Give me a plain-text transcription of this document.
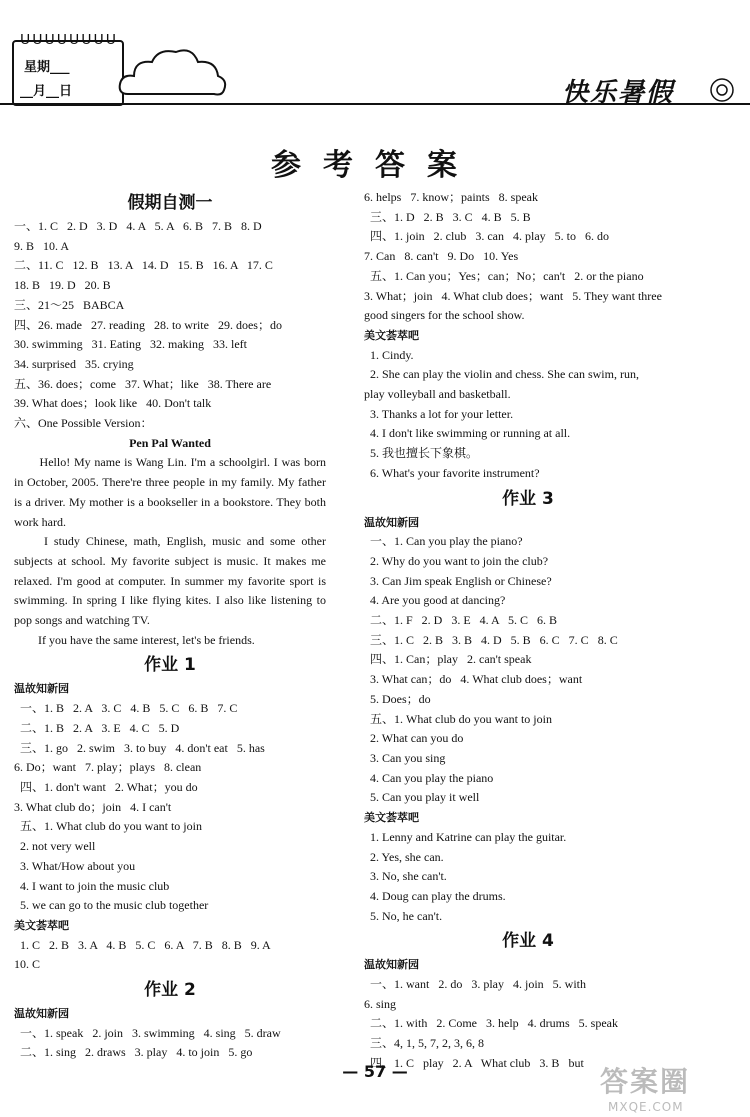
ᑌᑌᑌᑌᑌᑌᑌᑌ
星期___
__月__日	快乐暑假
参考答案
假期自测一
一、1. C   2. D   3. D   4. A   5. A   6. B   7. B   8. D
9. B   10. A
二、11. C   12. B   13. A   14. D   15. B   16. A   17. C
18. B   19. D   20. B
三、21～25   BABCA
四、26. made   27. reading   28. to write   29. does；do
30. swimming   31. Eating   32. making   33. left
34. surprised   35. crying
五、36. does；come   37. What；like   38. There are
39. What does；look like   40. Don't talk
六、One Possible Version：
Pen Pal Wanted
　　Hello! My name is Wang Lin. I'm a schoolgirl. I was born in October, 2005. There're three people in my family. My father is a driver. My mother is a bookseller in a bookstore. They both work hard.
　　I study Chinese, math, English, music and some other subjects at school. My favorite subject is music. It makes me relaxed. I'm good at computer. In summer my favorite sport is swimming. In spring I like flying kites. I also like listening to pop songs and watching TV.
　　If you have the same interest, let's be friends.
作业 1
温故知新园
一、1. B   2. A   3. C   4. B   5. C   6. B   7. C
二、1. B   2. A   3. E   4. C   5. D
三、1. go   2. swim   3. to buy   4. don't eat   5. has
6. Do；want   7. play；plays   8. clean
四、1. don't want   2. What；you do
3. What club do；join   4. I can't
五、1. What club do you want to join
2. not very well
3. What/How about you
4. I want to join the music club
5. we can go to the music club together
美文荟萃吧
1. C   2. B   3. A   4. B   5. C   6. A   7. B   8. B   9. A
10. C
作业 2
温故知新园
一、1. speak   2. join   3. swimming   4. sing   5. draw
二、1. sing   2. draws   3. play   4. to join   5. go
6. helps   7. know；paints   8. speak
三、1. D   2. B   3. C   4. B   5. B
四、1. join   2. club   3. can   4. play   5. to   6. do
7. Can   8. can't   9. Do   10. Yes
五、1. Can you；Yes；can；No；can't   2. or the piano
3. What；join   4. What club does；want   5. They want three
good singers for the school show.
美文荟萃吧
1. Cindy.
2. She can play the violin and chess. She can swim, run,
play volleyball and basketball.
3. Thanks a lot for your letter.
4. I don't like swimming or running at all.
5. 我也擅长下象棋。
6. What's your favorite instrument?
作业 3
温故知新园
一、1. Can you play the piano?
2. Why do you want to join the club?
3. Can Jim speak English or Chinese?
4. Are you good at dancing?
二、1. F   2. D   3. E   4. A   5. C   6. B
三、1. C   2. B   3. B   4. D   5. B   6. C   7. C   8. C
四、1. Can；play   2. can't speak
3. What can；do   4. What club does；want
5. Does；do
五、1. What club do you want to join
2. What can you do
3. Can you sing
4. Can you play the piano
5. Can you play it well
美文荟萃吧
1. Lenny and Katrine can play the guitar.
2. Yes, she can.
3. No, she can't.
4. Doug can play the drums.
5. No, he can't.
作业 4
温故知新园
一、1. want   2. do   3. play   4. join   5. with
6. sing
二、1. with   2. Come   3. help   4. drums   5. speak
三、4, 1, 5, 7, 2, 3, 6, 8
四、1. C   play   2. A   What club   3. B   but
— 57 —	答案圈
MXQE.COM
